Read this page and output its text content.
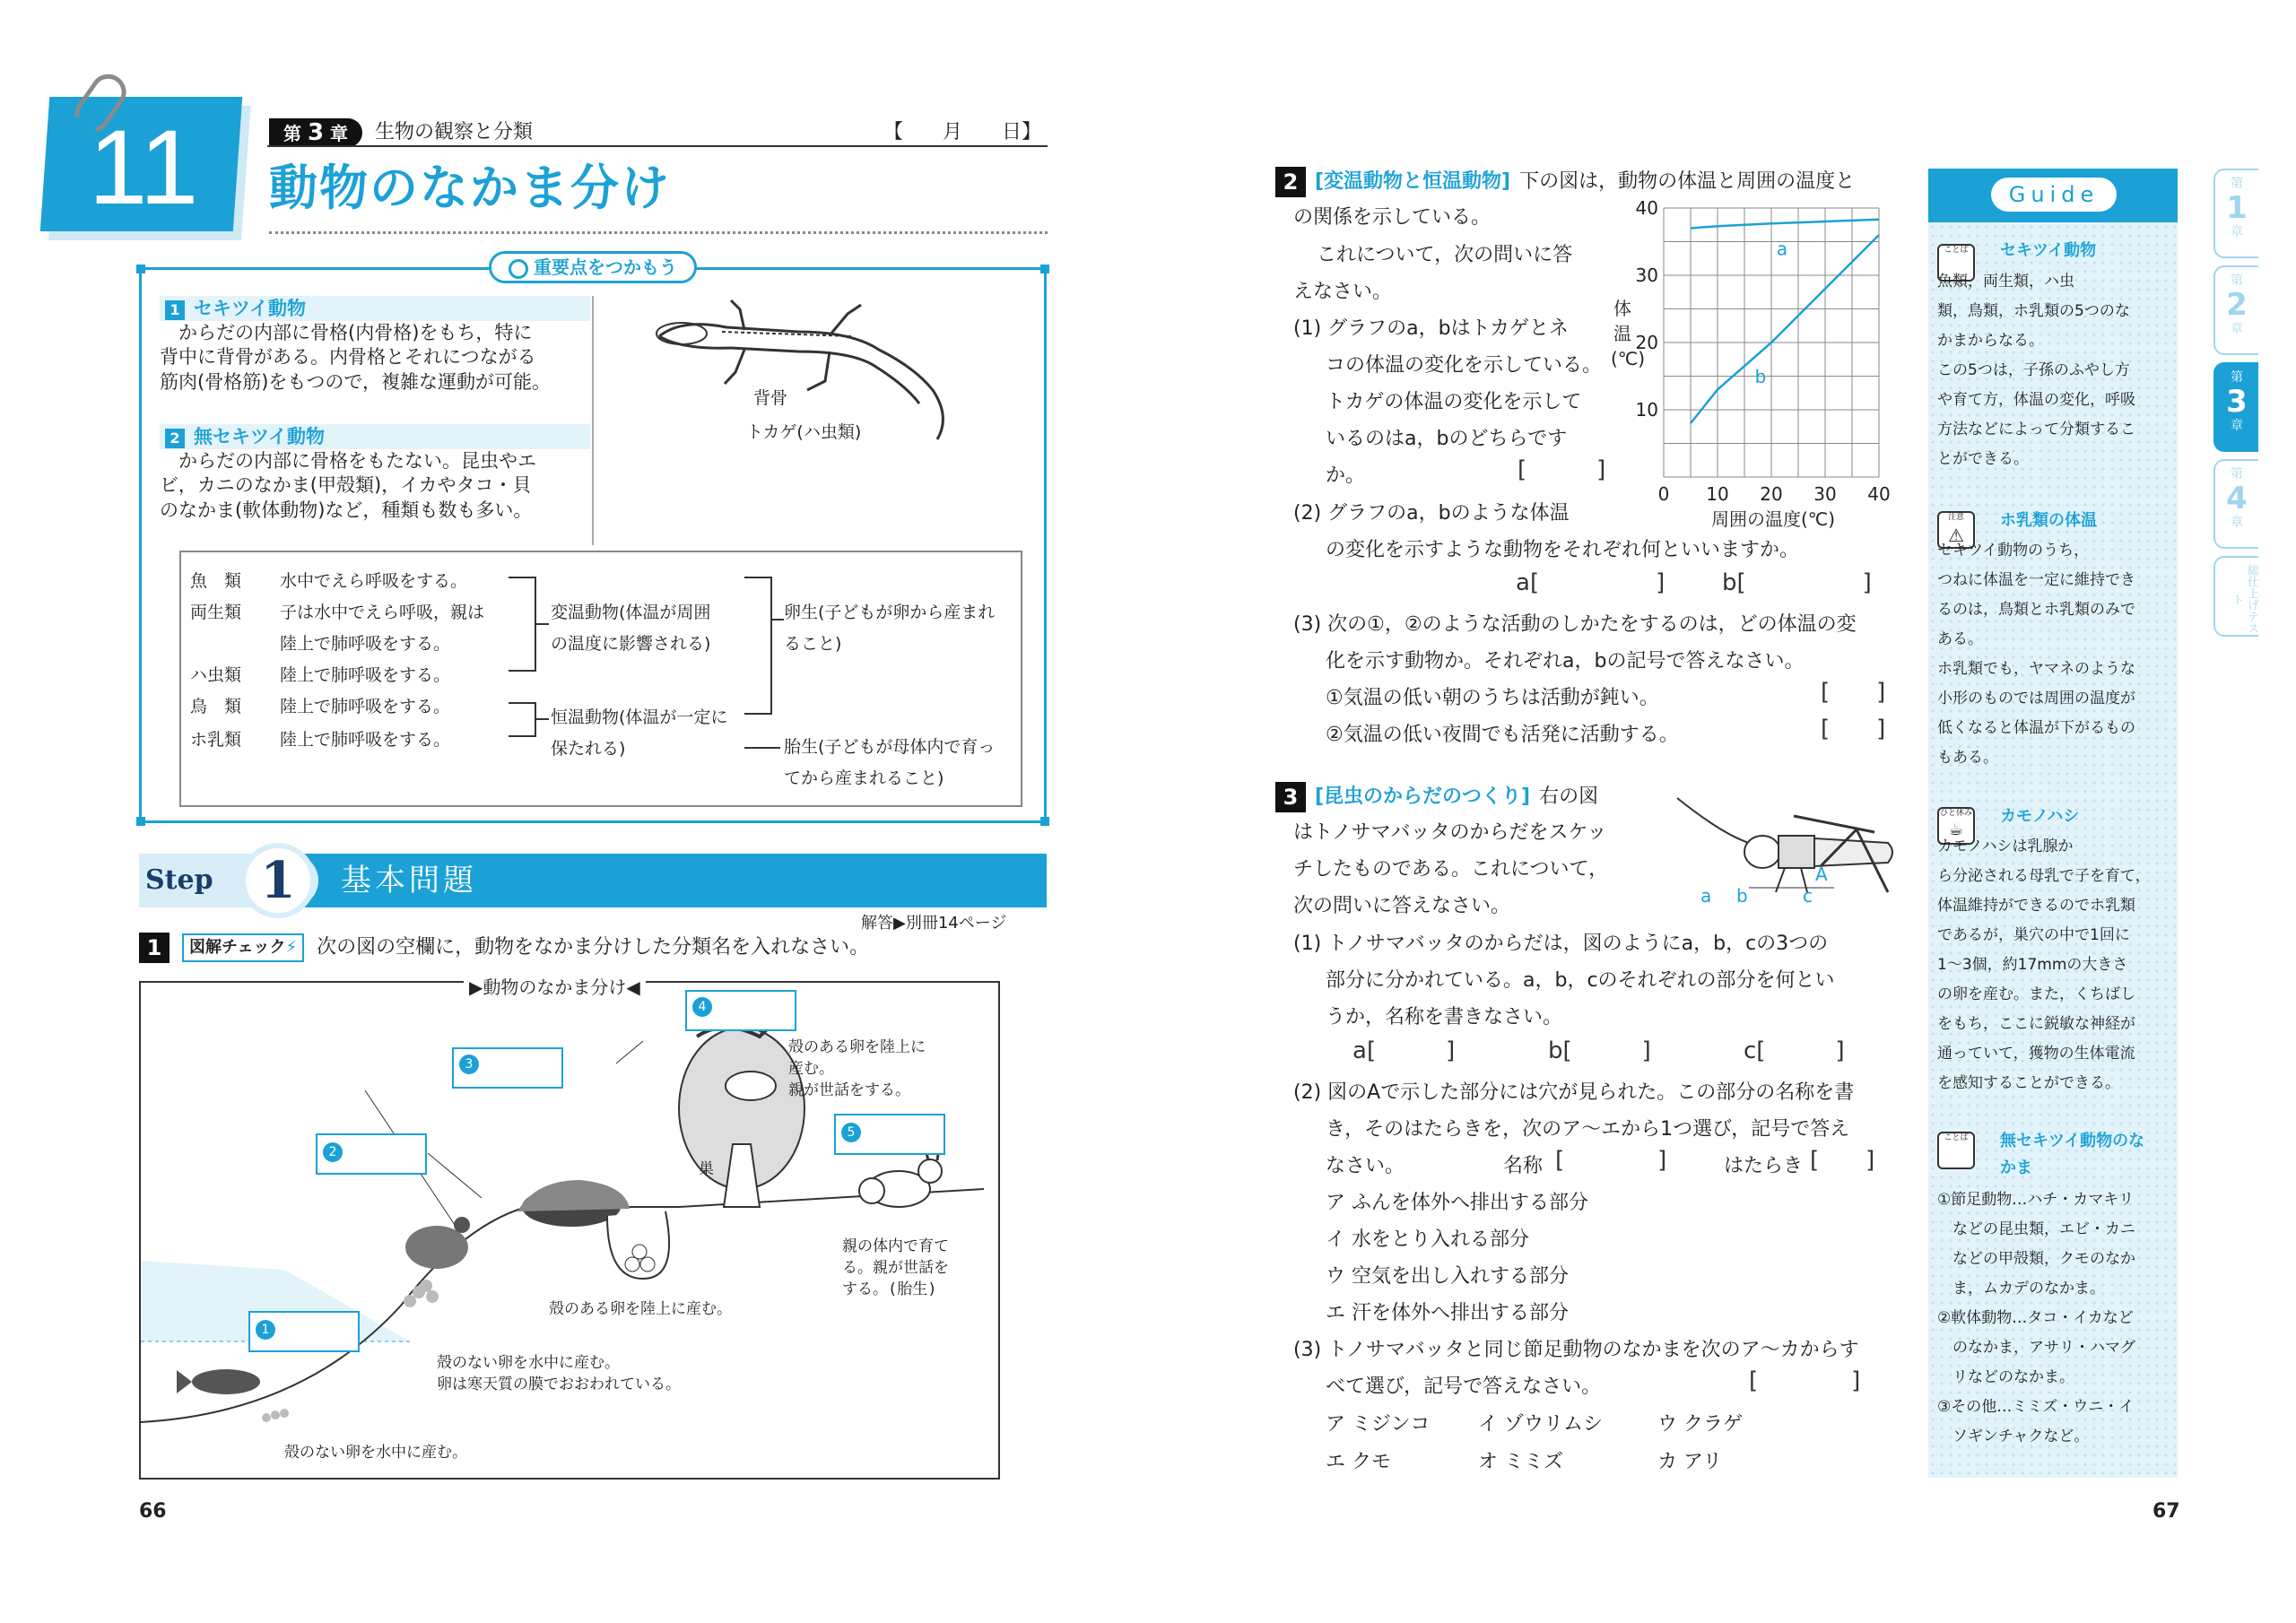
11	第 3 章	生物の観察と分類	【　　月　　日】
動物のなかま分け
重要点をつかもう
1 セキツイ動物
からだの内部に骨格(内骨格)をもち，特に
背中に背骨がある。内骨格とそれにつながる
筋肉(骨格筋)をもつので，複雑な運動が可能。
2 無セキツイ動物
からだの内部に骨格をもたない。昆虫やエ
ビ，カニのなかま(甲殻類)，イカやタコ・貝
のなかま(軟体動物)など，種類も数も多い。
背骨
トカゲ(ハ虫類)
魚　類 水中でえら呼吸をする。
両生類 子は水中でえら呼吸，親は
陸上で肺呼吸をする。
ハ虫類 陸上で肺呼吸をする。
鳥　類 陸上で肺呼吸をする。
ホ乳類 陸上で肺呼吸をする。
変温動物(体温が周囲
の温度に影響される)
恒温動物(体温が一定に
保たれる)
卵生(子どもが卵から産まれ
ること)
胎生(子どもが母体内で育っ
てから産まれること)
Step 1	基本問題
解答▶別冊14ページ
1	図解チェック⚡	次の図の空欄に，動物をなかま分けした分類名を入れなさい。
▶動物のなかま分け◀
1
2
3
4
5
殻のある卵を陸上に
産む。
親が世話をする。
巣
親の体内で育て
る。親が世話を
する。(胎生)
殻のある卵を陸上に産む。
殻のない卵を水中に産む。
卵は寒天質の膜でおおわれている。
殻のない卵を水中に産む。
66
2 [変温動物と恒温動物] 下の図は，動物の体温と周囲の温度と
の関係を示している。
これについて，次の問いに答
えなさい。
(1) グラフのa，bはトカゲとネ
コの体温の変化を示している。
トカゲの体温の変化を示して
いるのはa，bのどちらです
か。	[　　　]
0 10 20 30 40
10
20
30
40
a
b
体温(℃)
周囲の温度(℃)
(2) グラフのa，bのような体温
の変化を示すような動物をそれぞれ何といいますか。
a[　　　　　] b[　　　　　]
(3) 次の①，②のような活動のしかたをするのは，どの体温の変
化を示す動物か。それぞれa，bの記号で答えなさい。
①気温の低い朝のうちは活動が鈍い。	[　　]
②気温の低い夜間でも活発に活動する。	[　　]
3 [昆虫のからだのつくり] 右の図
はトノサマバッタのからだをスケッ
チしたものである。これについて，
次の問いに答えなさい。	a b	c
A
(1) トノサマバッタのからだは，図のようにa，b，cの3つの
部分に分かれている。a，b，cのそれぞれの部分を何とい
うか，名称を書きなさい。
a[　　　]	b[　　　]	c[　　　]
(2) 図のAで示した部分には穴が見られた。この部分の名称を書
き，そのはたらきを，次のア～エから1つ選び，記号で答え
なさい。	名称 [　　　　]	はたらき [　　]
ア ふんを体外へ排出する部分
イ 水をとり入れる部分
ウ 空気を出し入れする部分
エ 汗を体外へ排出する部分
(3) トノサマバッタと同じ節足動物のなかまを次のア～カからす
べて選び，記号で答えなさい。	[　　　　]
ア ミジンコ イ ゾウリムシ	ウ クラゲ
エ クモ	オ ミミズ	カ アリ
Guide
ことば	セキツイ動物
魚類，両生類，ハ虫
類，鳥類，ホ乳類の5つのな
かまからなる。
この5つは，子孫のふやし方
や育て方，体温の変化，呼吸
方法などによって分類するこ
とができる。
注意
⚠
ホ乳類の体温
セキツイ動物のうち，
つねに体温を一定に維持でき
るのは，鳥類とホ乳類のみで
ある。
ホ乳類でも，ヤマネのような
小形のものでは周囲の温度が
低くなると体温が下がるもの
もある。
ひと休み
☕
カモノハシ
カモノハシは乳腺か
ら分泌される母乳で子を育て，
体温維持ができるのでホ乳類
であるが，巣穴の中で1回に
1～3個，約17mmの大きさ
の卵を産む。また，くちばし
をもち，ここに鋭敏な神経が
通っていて，獲物の生体電流
を感知することができる。
ことば	無セキツイ動物のな
かま
①節足動物…ハチ・カマキリ
　などの昆虫類，エビ・カニ
　などの甲殻類，クモのなか
　ま，ムカデのなかま。
②軟体動物…タコ・イカなど
　のなかま，アサリ・ハマグ
　リなどのなかま。
③その他…ミミズ・ウニ・イ
　ソギンチャクなど。
第
1
章
第
2
章
第
3
章
第
4
章
総仕上げテスト
67
